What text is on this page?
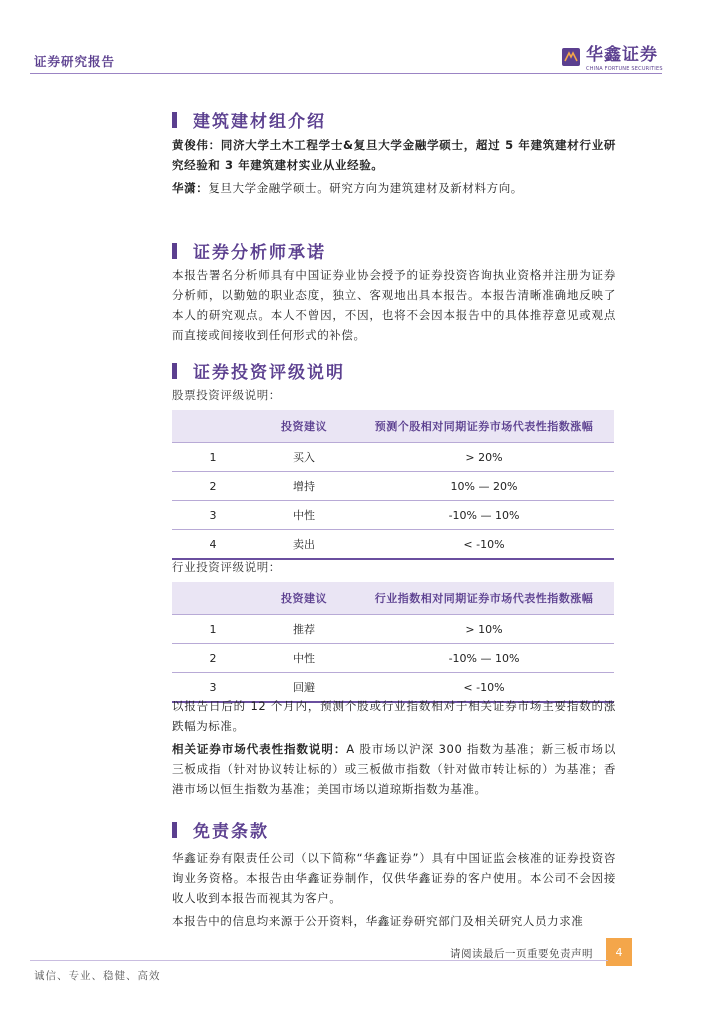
证券研究报告	华鑫证券
CHINA FORTUNE SECURITIES
建筑建材组介绍
黄俊伟：同济大学土木工程学士&复旦大学金融学硕士，超过 5 年建筑建材行业研究经验和 3 年建筑建材实业从业经验。
华潇：复旦大学金融学硕士。研究方向为建筑建材及新材料方向。
证券分析师承诺
本报告署名分析师具有中国证券业协会授予的证券投资咨询执业资格并注册为证券分析师，以勤勉的职业态度，独立、客观地出具本报告。本报告清晰准确地反映了本人的研究观点。本人不曾因，不因，也将不会因本报告中的具体推荐意见或观点而直接或间接收到任何形式的补偿。
证券投资评级说明
股票投资评级说明：
	投资建议	预测个股相对同期证券市场代表性指数涨幅
1	买入	> 20%
2	增持	10% — 20%
3	中性	-10% — 10%
4	卖出	< -10%
行业投资评级说明：
	投资建议	行业指数相对同期证券市场代表性指数涨幅
1	推荐	> 10%
2	中性	-10% — 10%
3	回避	< -10%
以报告日后的 12 个月内，预测个股或行业指数相对于相关证券市场主要指数的涨跌幅为标准。
相关证券市场代表性指数说明：A 股市场以沪深 300 指数为基准；新三板市场以三板成指（针对协议转让标的）或三板做市指数（针对做市转让标的）为基准；香港市场以恒生指数为基准；美国市场以道琼斯指数为基准。
免责条款
华鑫证券有限责任公司（以下简称“华鑫证券”）具有中国证监会核准的证券投资咨询业务资格。本报告由华鑫证券制作，仅供华鑫证券的客户使用。本公司不会因接收人收到本报告而视其为客户。
本报告中的信息均来源于公开资料，华鑫证券研究部门及相关研究人员力求准
请阅读最后一页重要免责声明	4
诚信、专业、稳健、高效
